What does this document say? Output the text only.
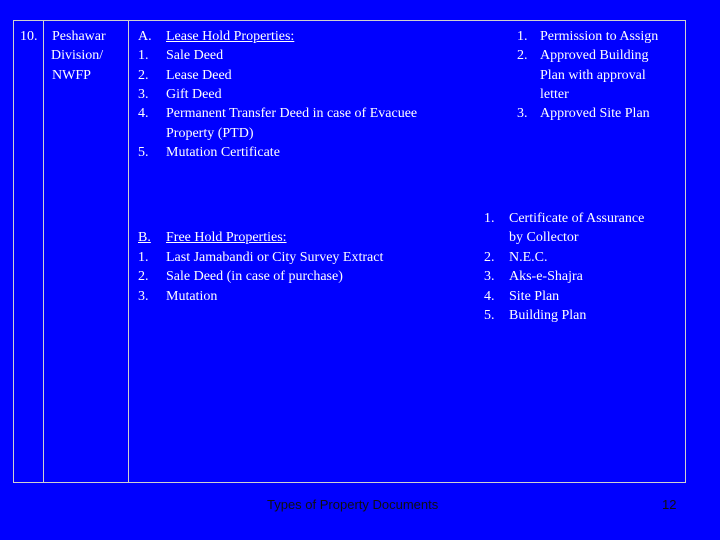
10. Peshawar
Division/
NWFP
A. Lease Hold Properties:
1. Sale Deed
2. Lease Deed
3. Gift Deed
4. Permanent Transfer Deed in case of Evacuee
Property (PTD)
5. Mutation Certificate
1. Permission to Assign
2. Approved Building
Plan with approval
letter
3. Approved Site Plan
B. Free Hold Properties:
1. Last Jamabandi or City Survey Extract
2. Sale Deed (in case of purchase)
3. Mutation
1. Certificate of Assurance
by Collector
2. N.E.C.
3. Aks-e-Shajra
4. Site Plan
5. Building Plan
Types of Property Documents	12
